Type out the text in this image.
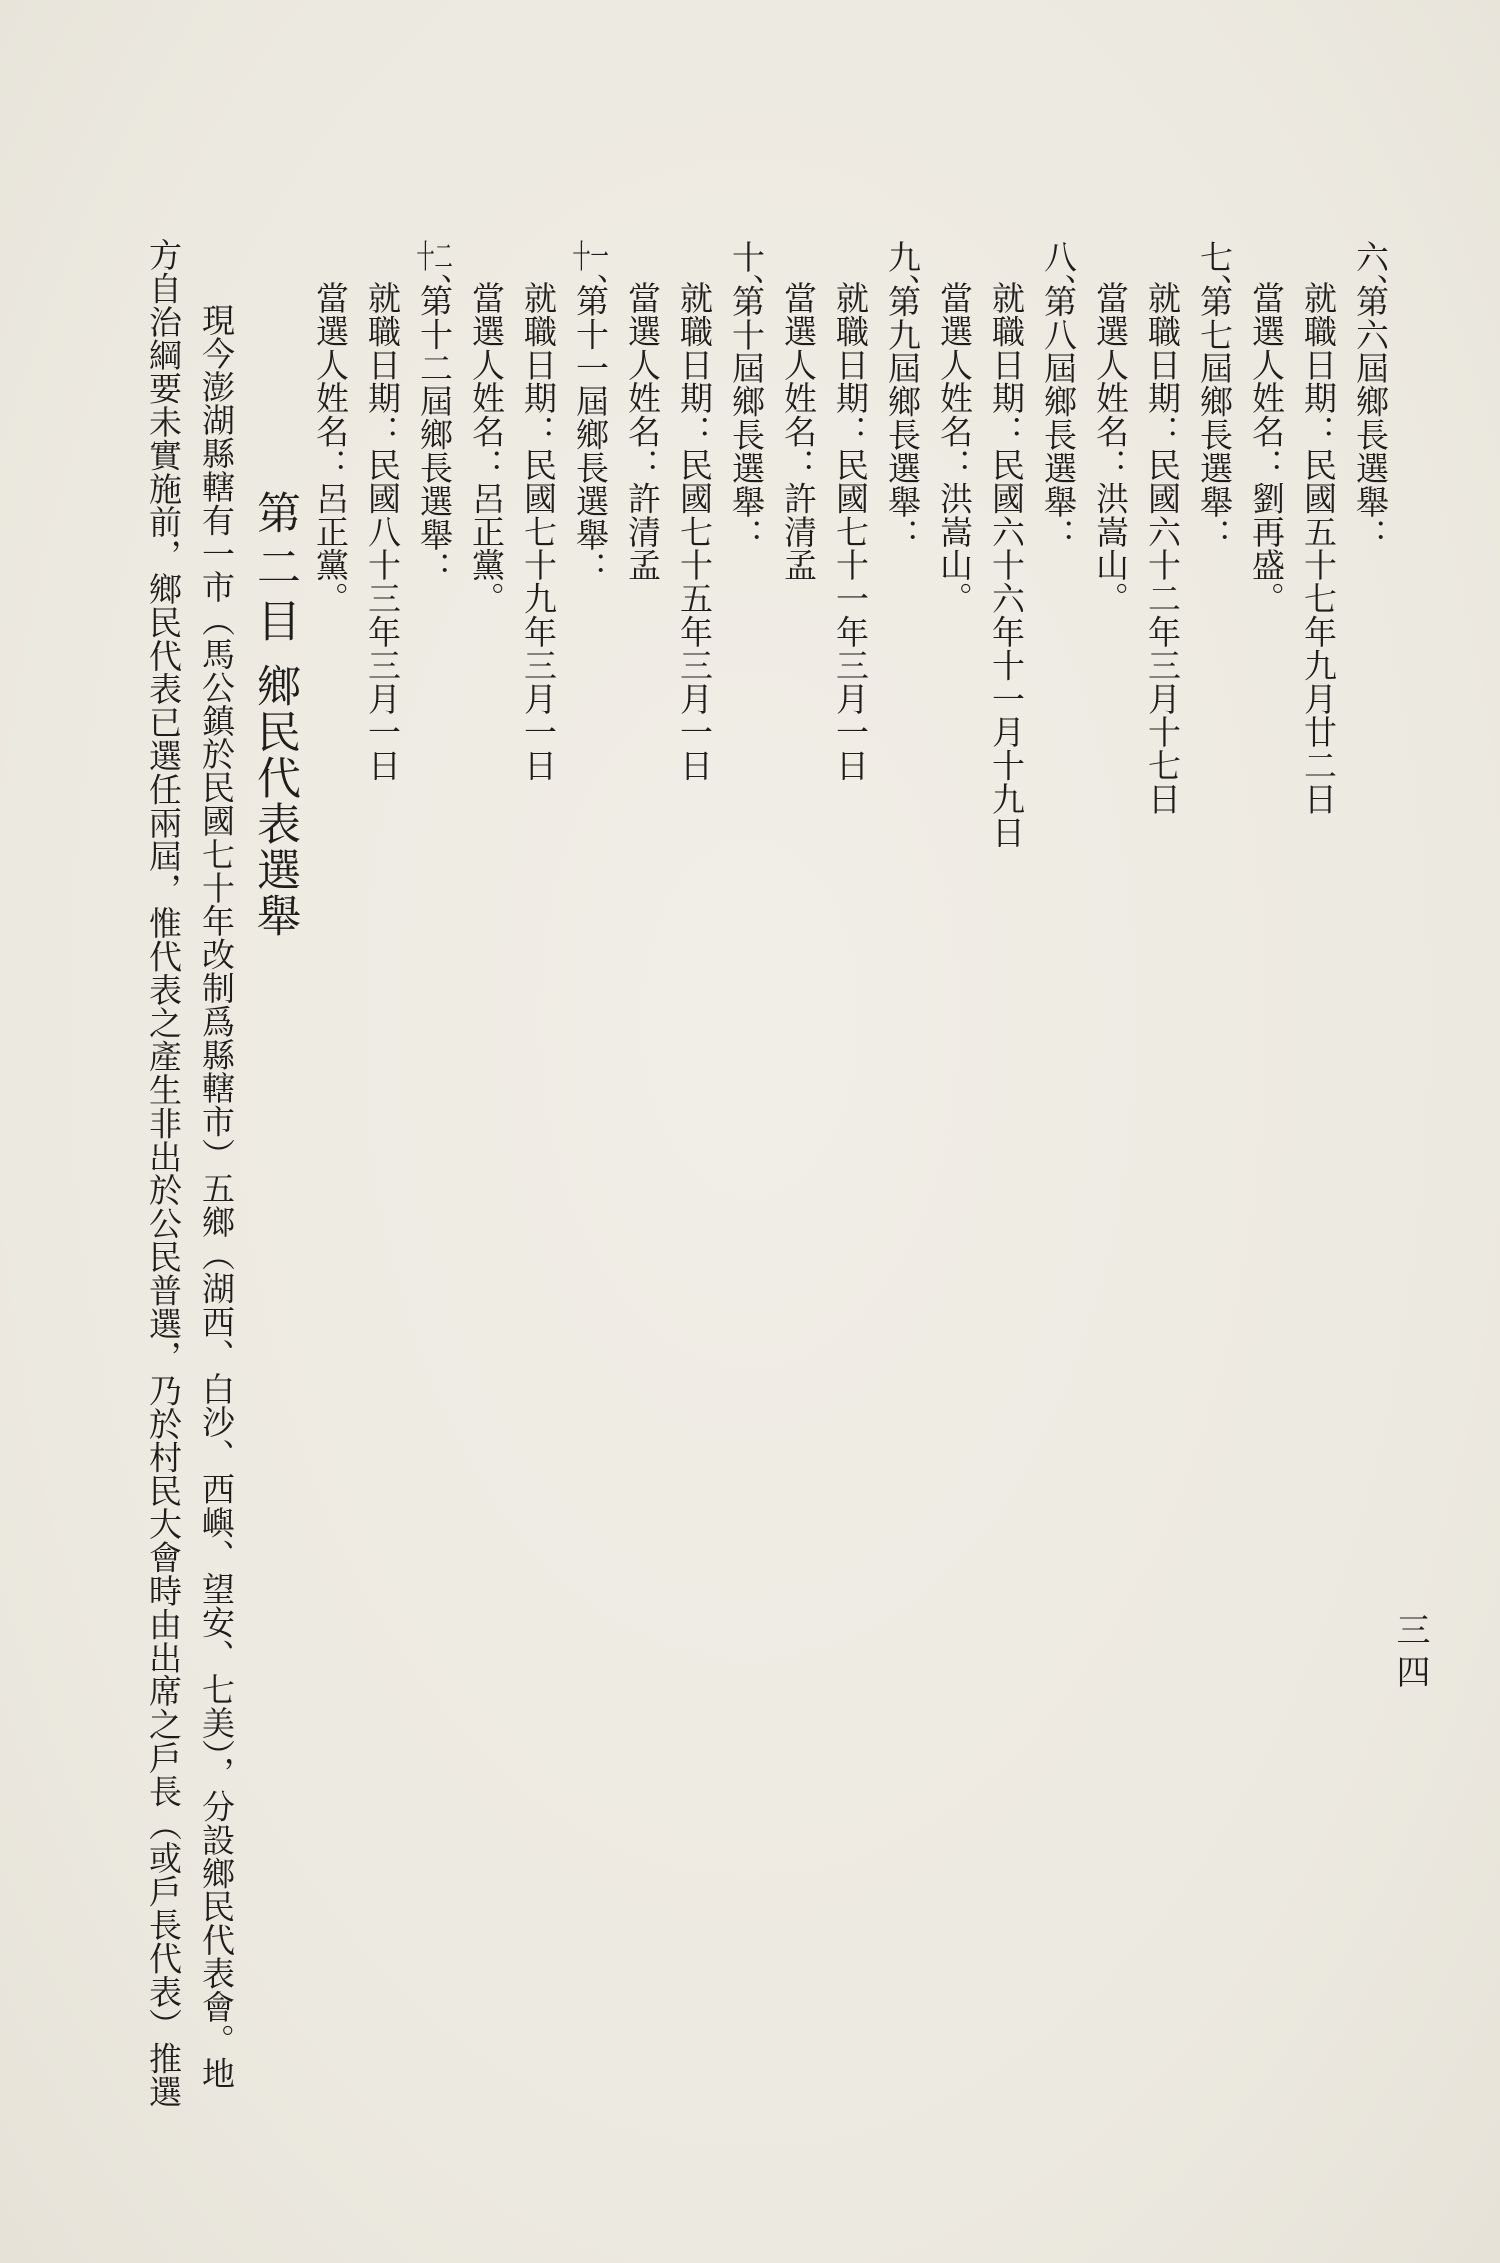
三四
六、第六屆鄉長選舉：
就職日期：民國五十七年九月廿二日
當選人姓名：劉再盛。
七、第七屆鄉長選舉：
就職日期：民國六十二年三月十七日
當選人姓名：洪嵩山。
八、第八屆鄉長選舉：
就職日期：民國六十六年十一月十九日
當選人姓名：洪嵩山。
九、第九屆鄉長選舉：
就職日期：民國七十一年三月一日
當選人姓名：許清孟
十、第十屆鄉長選舉：
就職日期：民國七十五年三月一日
當選人姓名：許清孟
十一、第十一屆鄉長選舉：
就職日期：民國七十九年三月一日
當選人姓名：呂正黨。
十二、第十二屆鄉長選舉：
就職日期：民國八十三年三月一日
當選人姓名：呂正黨。
第二目鄉民代表選舉
現今澎湖縣轄有一市（馬公鎮於民國七十年改制爲縣轄市）五鄉（湖西、白沙、西嶼、望安、七美），分設鄉民代表會。地
方自治綱要未實施前，鄉民代表已選任兩屆，惟代表之產生非出於公民普選，乃於村民大會時由出席之戶長（或戶長代表）推選
